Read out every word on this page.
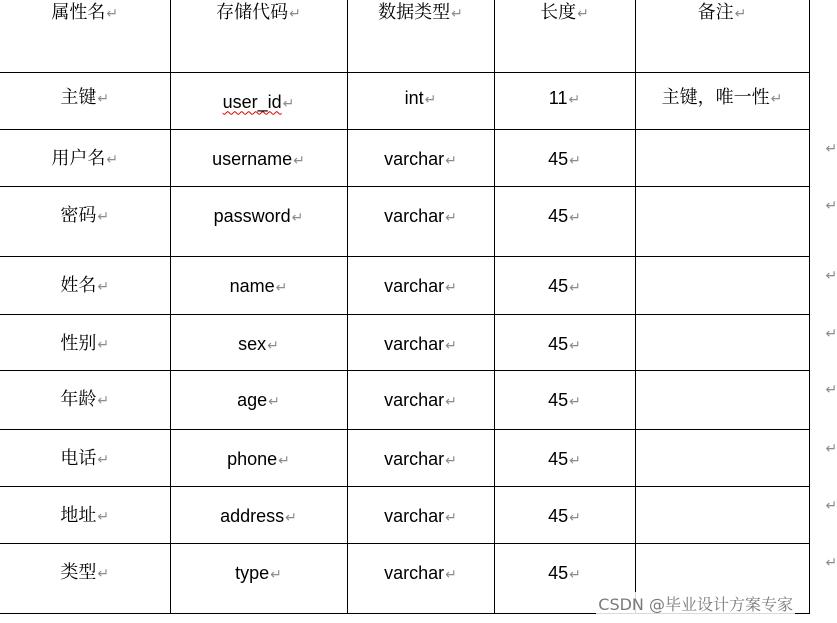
属性名↵	存储代码↵	数据类型↵	长度↵	备注↵
主键↵	user_id↵	int↵	11↵	主键，唯一性↵
用户名↵	username↵	varchar↵	45↵	↵
密码↵	password↵	varchar↵	45↵	↵
姓名↵	name↵	varchar↵	45↵	↵
性别↵	sex↵	varchar↵	45↵	↵
年龄↵	age↵	varchar↵	45↵	↵
电话↵	phone↵	varchar↵	45↵	↵
地址↵	address↵	varchar↵	45↵	↵
类型↵	type↵	varchar↵	45↵	↵
CSDN @毕业设计方案专家
